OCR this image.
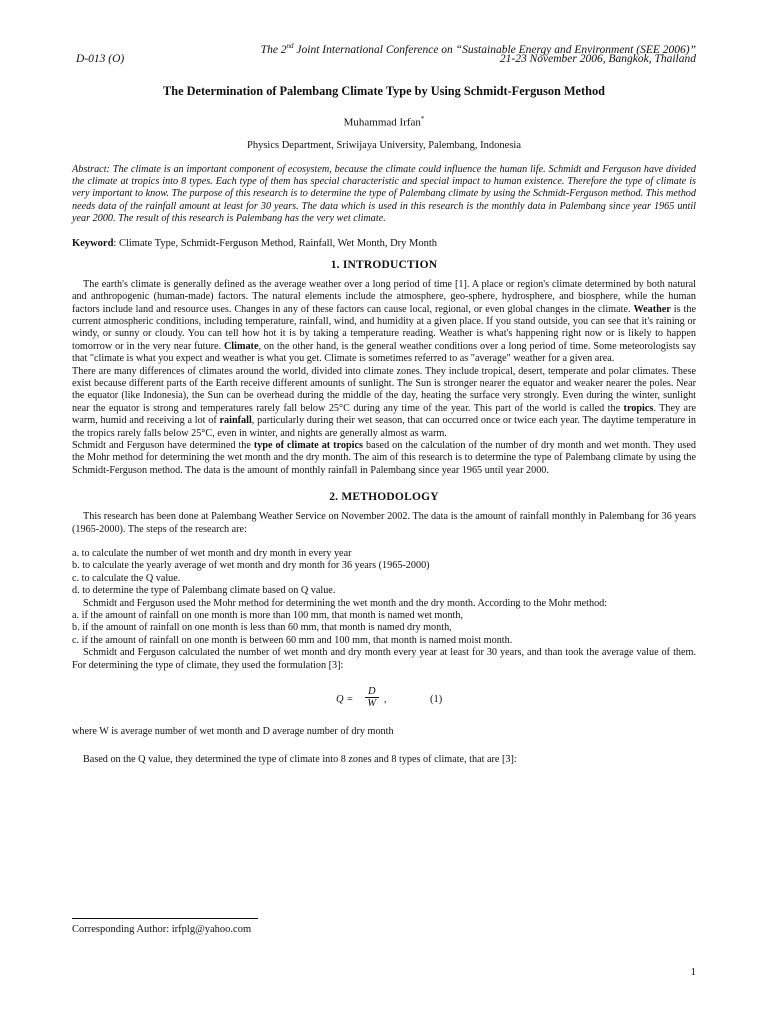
The 2nd Joint International Conference on “Sustainable Energy and Environment (SEE 2006)”
D-013 (O)	21-23 November 2006, Bangkok, Thailand
The Determination of Palembang Climate Type by Using Schmidt-Ferguson Method
Muhammad Irfan*
Physics Department, Sriwijaya University, Palembang, Indonesia

Abstract: The climate is an important component of ecosystem, because the climate could influence the human life. Schmidt and Ferguson have divided the climate at tropics into 8 types. Each type of them has special characteristic and special impact to human existence. Therefore the type of climate is very important to know. The purpose of this research is to determine the type of Palembang climate by using the Schmidt-Ferguson method. This method needs data of the rainfall amount at least for 30 years. The data which is used in this research is the monthly data in Palembang since year 1965 until year 2000. The result of this research is Palembang has the very wet climate.

Keyword: Climate Type, Schmidt-Ferguson Method, Rainfall, Wet Month, Dry Month
1. INTRODUCTION

The earth's climate is generally defined as the average weather over a long period of time [1]. A place or region's climate determined by both natural and anthropogenic (human-made) factors. The natural elements include the atmosphere, geo-sphere, hydrosphere, and biosphere, while the human factors include land and resource uses. Changes in any of these factors can cause local, regional, or even global changes in the climate. Weather is the current atmospheric conditions, including temperature, rainfall, wind, and humidity at a given place. If you stand outside, you can see that it's raining or windy, or sunny or cloudy. You can tell how hot it is by taking a temperature reading. Weather is what's happening right now or is likely to happen tomorrow or in the very near future. Climate, on the other hand, is the general weather conditions over a long period of time. Some meteorologists say that "climate is what you expect and weather is what you get. Climate is sometimes referred to as "average" weather for a given area.

There are many differences of climates around the world, divided into climate zones. They include tropical, desert, temperate and polar climates. These exist because different parts of the Earth receive different amounts of sunlight. The Sun is stronger nearer the equator and weaker nearer the poles. Near the equator (like Indonesia), the Sun can be overhead during the middle of the day, heating the surface very strongly. Even during the winter, sunlight near the equator is strong and temperatures rarely fall below 25°C during any time of the year. This part of the world is called the tropics. They are warm, humid and receiving a lot of rainfall, particularly during their wet season, that can occurred once or twice each year. The daytime temperature in the tropics rarely falls below 25°C, even in winter, and nights are generally almost as warm.

Schmidt and Ferguson have determined the type of climate at tropics based on the calculation of the number of dry month and wet month. They used the Mohr method for determining the wet month and the dry month. The aim of this research is to determine the type of Palembang climate by using the Schmidt-Ferguson method. The data is the amount of monthly rainfall in Palembang since year 1965 until year 2000.

2. METHODOLOGY

This research has been done at Palembang Weather Service on November 2002. The data is the amount of rainfall monthly in Palembang for 36 years (1965-2000). The steps of the research are:

a. to calculate the number of wet month and dry month in every year

b. to calculate the yearly average of wet month and dry month for 36 years (1965-2000)

c. to calculate the Q value.

d. to determine the type of Palembang climate based on Q value.

Schmidt and Ferguson used the Mohr method for determining the wet month and the dry month. According to the Mohr method:

a. if the amount of rainfall on one month is more than 100 mm, that month is named wet month,

b. if the amount of rainfall on one month is less than 60 mm, that month is named dry month,

c. if the amount of rainfall on one month is between 60 mm and 100 mm, that month is named moist month.

Schmidt and Ferguson calculated the number of wet month and dry month every year at least for 30 years, and than took the average value of them. For determining the type of climate, they used the formulation [3]:

$Q = \frac{D}{W}$ ,	(1)

where W is average number of wet month and D average number of dry month

Based on the Q value, they determined the type of climate into 8 zones and 8 types of climate, that are [3]:

Corresponding Author: irfplg@yahoo.com
1
